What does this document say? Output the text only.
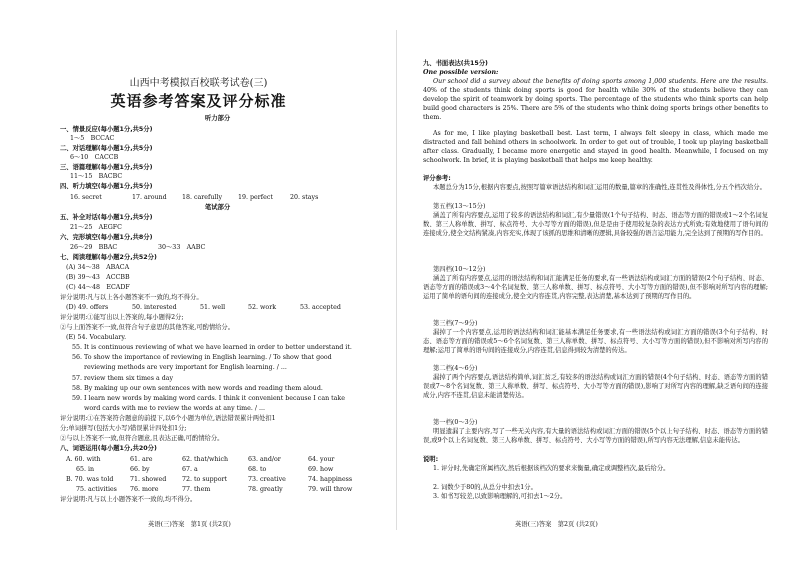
山西中考模拟百校联考试卷(三)
英语参考答案及评分标准
听力部分
一、情景反应(每小题1分,共5分)
1～5　BCCAC
二、对话理解(每小题1分,共5分)
6～10　CACCB
三、语篇理解(每小题1分,共5分)
11～15　BACBC
四、听力填空(每小题1分,共5分)
16. secret	17. around 18. carefully	19. perfect	20. stays
笔试部分
五、补全对话(每小题1分,共5分)
21～25　AEGFC
六、完形填空(每小题1分,共8分)
26～29　BBAC	30～33　AABC
七、阅读理解(每小题2分,共52分)
(A) 34～38　ABACA
(B) 39～43　ACCBB
(C) 44～48　ECADF
评分说明:凡与以上各小题答案不一致的,均不得分。
(D) 49. offers	50. interested	51. well	52. work	53. accepted
评分说明:①能写出以上答案的,每小题得2分;
②与上面答案不一致,但符合句子意思的其他答案,可酌情给分。
(E) 54. Vocabulary.
55. It is continuous reviewing of what we have learned in order to better understand it.
56. To show the importance of reviewing in English learning. / To show that good
reviewing methods are very important for English learning. / ...
57. review them six times a day
58. By making up our own sentences with new words and reading them aloud.
59. I learn new words by making word cards. I think it convenient because I can take
word cards with me to review the words at any time. / ...
评分说明:①在答案符合题意的前提下,以6个小题为单位,语法错误累计两处扣1
分;单词拼写(包括大小写)错误累计四处扣1分;
②与以上答案不一致,但符合题意,且表达正确,可酌情给分。
八、词语运用(每小题1分,共20分)
A. 60. with	61. are	62. that/which	63. and/or	64. your
65. in	66. by	67. a	68. to	69. how
B. 70. was told	71. showed	72. to support	73. creative	74. happiness
75. activities 76. more	77. them	78. greatly	79. will throw
评分说明:凡与以上小题答案不一致的,均不得分。
英语(三)答案　第1页 (共2页)
九、书面表达(共15分)
One possible version:
Our school did a survey about the benefits of doing sports among 1,000 students. Here are the results. 40% of the students think doing sports is good for health while 30% of the students believe they can develop the spirit of teamwork by doing sports. The percentage of the students who think sports can help build good characters is 25%. There are 5% of the students who think doing sports brings other benefits to them.
As for me, I like playing basketball best. Last term, I always felt sleepy in class, which made me distracted and fall behind others in schoolwork. In order to get out of trouble, I took up playing basketball after class. Gradually, I became more energetic and stayed in good health. Meanwhile, I focused on my schoolwork. In brief, it is playing basketball that helps me keep healthy.
评分参考:
本题总分为15分,根据内容要点,按照写篇章语法结构和词汇运用的数量,篇章的准确性,连贯性及得体性,分五个档次给分。
第五档(13～15分)
涵盖了所有内容要点,运用了较多的语法结构和词汇,有少量错误(1个句子结构、时态、语态等方面的错误或1～2个名词复数、第三人称单数、拼写、标点符号、大小写等方面的错误),但是是由于使用较复杂的表达方式所致;有效地使用了语句间的连接成分,使全文结构紧凑,内容充实,体现了该抓的思维和清晰的逻辑,具备较强的语言运用能力,完全达到了预期的写作目的。
第四档(10～12分)
涵盖了所有内容要点,运用的语法结构和词汇能满足任务的要求,有一些语法结构或词汇方面的错误(2个句子结构、时态、语态等方面的错误或3～4个名词复数、第三人称单数、拼写、标点符号、大小写等方面的错误),但不影响对所写内容的理解;运用了简单的语句间的连接成分,使全文内容连贯,内容完整,表达清楚,基本达到了预期的写作目的。
第三档(7～9分)
漏掉了一个内容要点,运用的语法结构和词汇能基本满足任务要求,有一些语法结构或词汇方面的错误(3个句子结构、时态、语态等方面的错误或5～6个名词复数、第三人称单数、拼写、标点符号、大小写等方面的错误),但不影响对所写内容的理解;运用了简单的语句间的连接成分,内容连贯,信息得到较为清楚的传达。
第二档(4～6分)
漏掉了两个内容要点,语法结构简单,词汇贫乏,有较多的语法结构或词汇方面的错误(4个句子结构、时态、语态等方面的错误或7～8个名词复数、第三人称单数、拼写、标点符号、大小写等方面的错误),影响了对所写内容的理解,缺乏语句间的连接成分,内容不连贯,信息未能清楚传达。
第一档(0～3分)
明显遗漏了主要内容,写了一些无关内容,有大量的语法结构或词汇方面的错误(5个以上句子结构、时态、语态等方面的错误,或9个以上名词复数、第三人称单数、拼写、标点符号、大小写等方面的错误),所写内容无法理解,信息未能传达。
说明:
1. 评分时,先确定所属档次,然后根据该档次的要求来衡量,确定或调整档次,最后给分。
2. 词数少于80的,从总分中扣去1分。
3. 如书写较差,以致影响理解的,可扣去1～2分。
英语(三)答案　第2页 (共2页)
